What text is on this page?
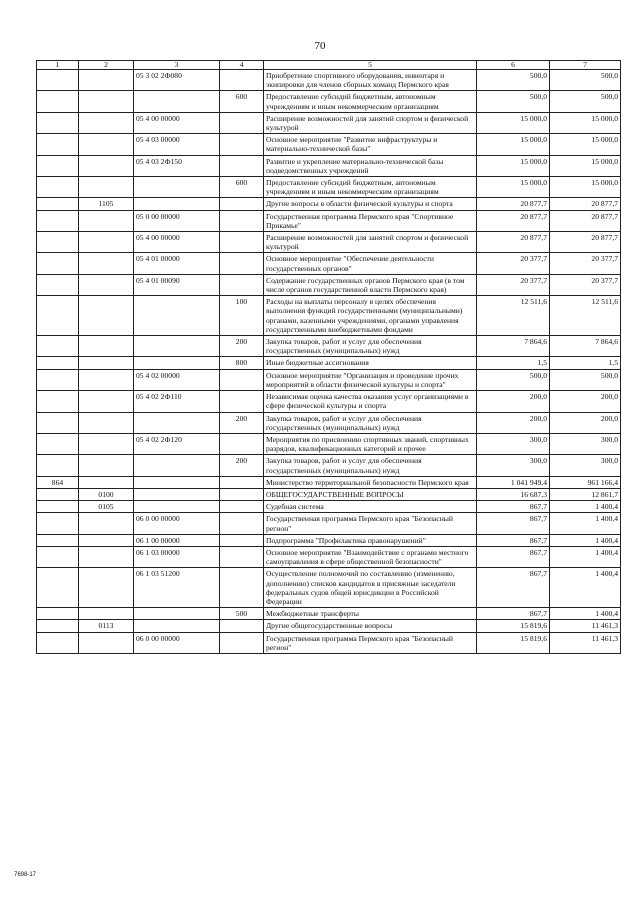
70
1	2	3	4	5	6	7
		05 3 02 2Ф080		Приобретение спортивного оборудования, инвентаря и экипировки для членов сборных команд Пермского края	500,0	500,0
			600	Предоставление субсидий бюджетным, автономным учреждениям и иным некоммерческим организациям	500,0	500,0
		05 4 00 00000		Расширение возможностей для занятий спортом и физической культурой	15 000,0	15 000,0
		05 4 03 00000		Основное мероприятие "Развитие инфраструктуры и материально-технической базы"	15 000,0	15 000,0
		05 4 03 2Ф150		Развитие и укрепление материально-технической базы подведомственных учреждений	15 000,0	15 000,0
			600	Предоставление субсидий бюджетным, автономным учреждениям и иным некоммерческим организациям	15 000,0	15 000,0
	1105			Другие вопросы в области физической культуры и спорта	20 877,7	20 877,7
		05 0 00 00000		Государственная программа Пермского края "Спортивное Прикамье"	20 877,7	20 877,7
		05 4 00 00000		Расширение возможностей для занятий спортом и физической культурой	20 877,7	20 877,7
		05 4 01 00000		Основное мероприятие "Обеспечение деятельности государственных органов"	20 377,7	20 377,7
		05 4 01 00090		Содержание государственных органов Пермского края (в том числе органов государственной власти Пермского края)	20 377,7	20 377,7
			100	Расходы на выплаты персоналу в целях обеспечения выполнения функций государственными (муниципальными) органами, казенными учреждениями, органами управления государственными внебюджетными фондами	12 511,6	12 511,6
			200	Закупка товаров, работ и услуг для обеспечения государственных (муниципальных) нужд	7 864,6	7 864,6
			800	Иные бюджетные ассигнования	1,5	1,5
		05 4 02 00000		Основное мероприятие "Организация и проведение прочих мероприятий в области физической культуры и спорта"	500,0	500,0
		05 4 02 2Ф110		Независимая оценка качества оказания услуг организациями в сфере физической культуры и спорта	200,0	200,0
			200	Закупка товаров, работ и услуг для обеспечения государственных (муниципальных) нужд	200,0	200,0
		05 4 02 2Ф120		Мероприятия по присвоению спортивных званий, спортивных разрядов, квалификационных категорий и прочее	300,0	300,0
			200	Закупка товаров, работ и услуг для обеспечения государственных (муниципальных) нужд	300,0	300,0
864				Министерство территориальной безопасности Пермского края	1 041 949,4	961 166,4
	0100			ОБЩЕГОСУДАРСТВЕННЫЕ ВОПРОСЫ	16 687,3	12 861,7
	0105			Судебная система	867,7	1 400,4
		06 0 00 00000		Государственная программа Пермского края "Безопасный регион"	867,7	1 400,4
		06 1 00 00000		Подпрограмма "Профилактика правонарушений"	867,7	1 400,4
		06 1 03 00000		Основное мероприятие "Взаимодействие с органами местного самоуправления в сфере общественной безопасности"	867,7	1 400,4
		06 1 03 51200		Осуществление полномочий по составлению (изменению, дополнению) списков кандидатов в присяжные заседатели федеральных судов общей юрисдикции в Российской Федерации	867,7	1 400,4
			500	Межбюджетные трансферты	867,7	1 400,4
	0113			Другие общегосударственные вопросы	15 819,6	11 461,3
		06 0 00 00000		Государственная программа Пермского края "Безопасный регион"	15 819,6	11 461,3
7698-17
